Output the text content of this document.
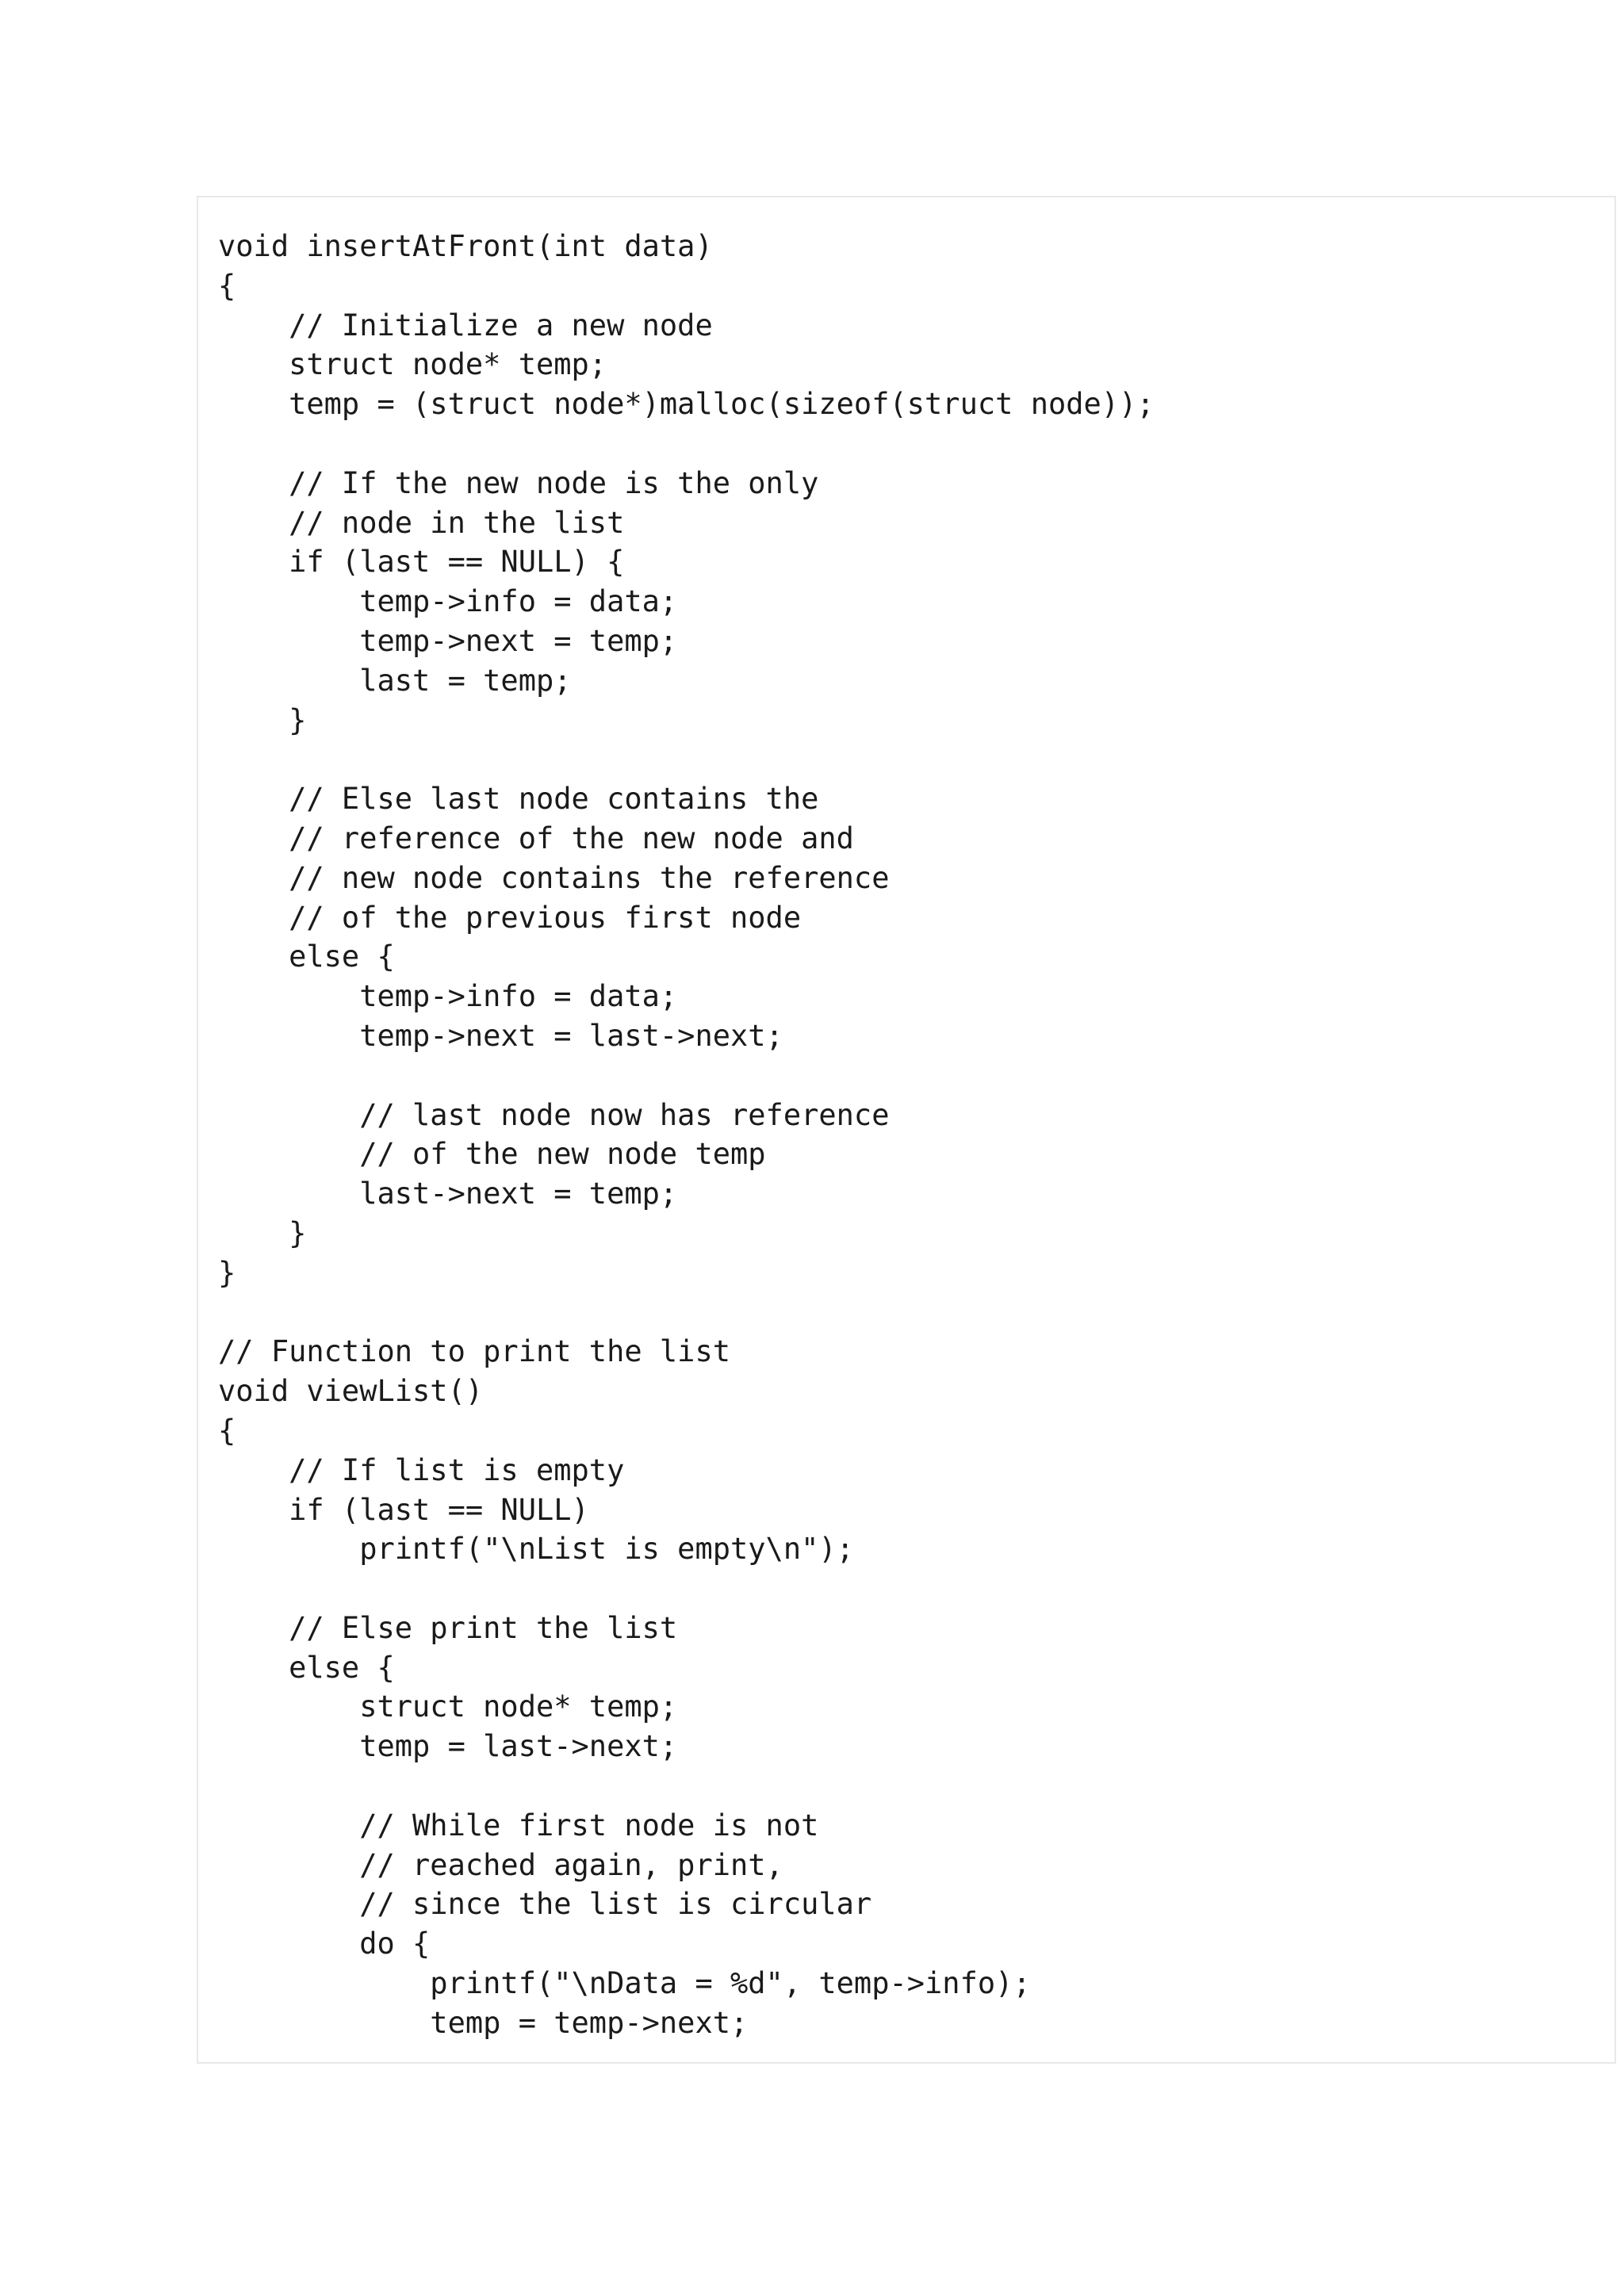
void insertAtFront(int data)
{
// Initialize a new node
struct node* temp;
temp = (struct node*)malloc(sizeof(struct node));
// If the new node is the only
// node in the list
if (last == NULL) {
temp->info = data;
temp->next = temp;
last = temp;
}
// Else last node contains the
// reference of the new node and
// new node contains the reference
// of the previous first node
else {
temp->info = data;
temp->next = last->next;
// last node now has reference
// of the new node temp
last->next = temp;
}
}
// Function to print the list
void viewList()
{
// If list is empty
if (last == NULL)
printf("\nList is empty\n");
// Else print the list
else {
struct node* temp;
temp = last->next;
// While first node is not
// reached again, print,
// since the list is circular
do {
printf("\nData = %d", temp->info);
temp = temp->next;
